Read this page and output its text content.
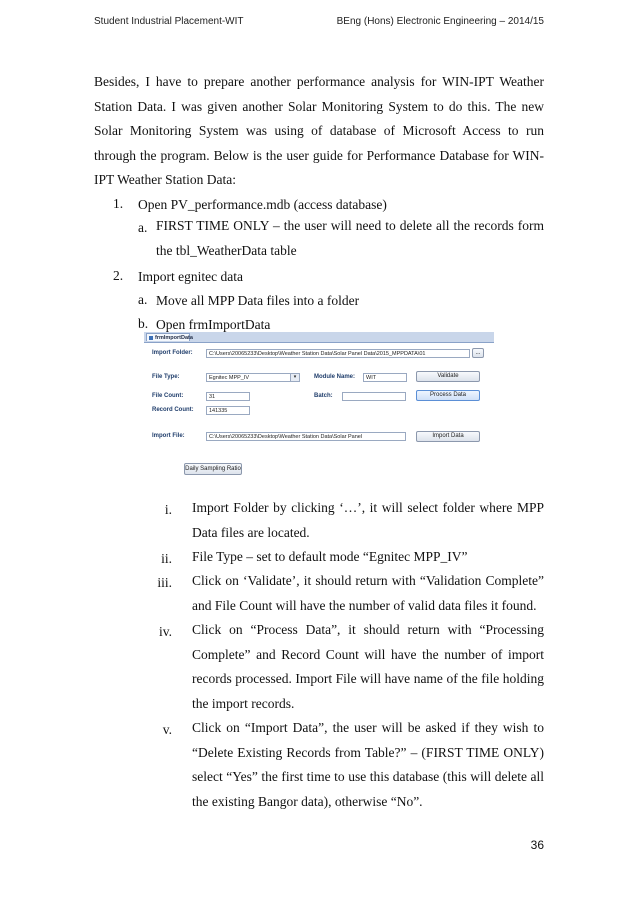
Student Industrial Placement-WIT	BEng (Hons) Electronic Engineering – 2014/15
Besides, I have to prepare another performance analysis for WIN-IPT Weather Station Data. I was given another Solar Monitoring System to do this. The new Solar Monitoring System was using of database of Microsoft Access to run through the program. Below is the user guide for Performance Database for WIN-IPT Weather Station Data:
1. Open PV_performance.mdb (access database)
a. FIRST TIME ONLY – the user will need to delete all the records form the tbl_WeatherData table
2. Import egnitec data
a. Move all MPP Data files into a folder
b. Open frmImportData
frmImportData
Import Folder:	C:\Users\20065233\Desktop\Weather Station Data\Solar Panel Data\2015_MPPDATA\01	...
File Type:	Egnitec MPP_IV	▾	Module Name:	WIT	Validate
File Count:	31	Batch:	Process Data
Record Count:	141335
Import File:	C:\Users\20065233\Desktop\Weather Station Data\Solar Panel	Import Data
Daily Sampling Ratio
i. Import Folder by clicking ‘…’, it will select folder where MPP Data files are located.
ii. File Type – set to default mode “Egnitec MPP_IV”
iii. Click on ‘Validate’, it should return with “Validation Complete” and File Count will have the number of valid data files it found.
iv. Click on “Process Data”, it should return with “Processing Complete” and Record Count will have the number of import records processed. Import File will have name of the file holding the import records.
v. Click on “Import Data”, the user will be asked if they wish to “Delete Existing Records from Table?” – (FIRST TIME ONLY) select “Yes” the first time to use this database (this will delete all the existing Bangor data), otherwise “No”.
36
